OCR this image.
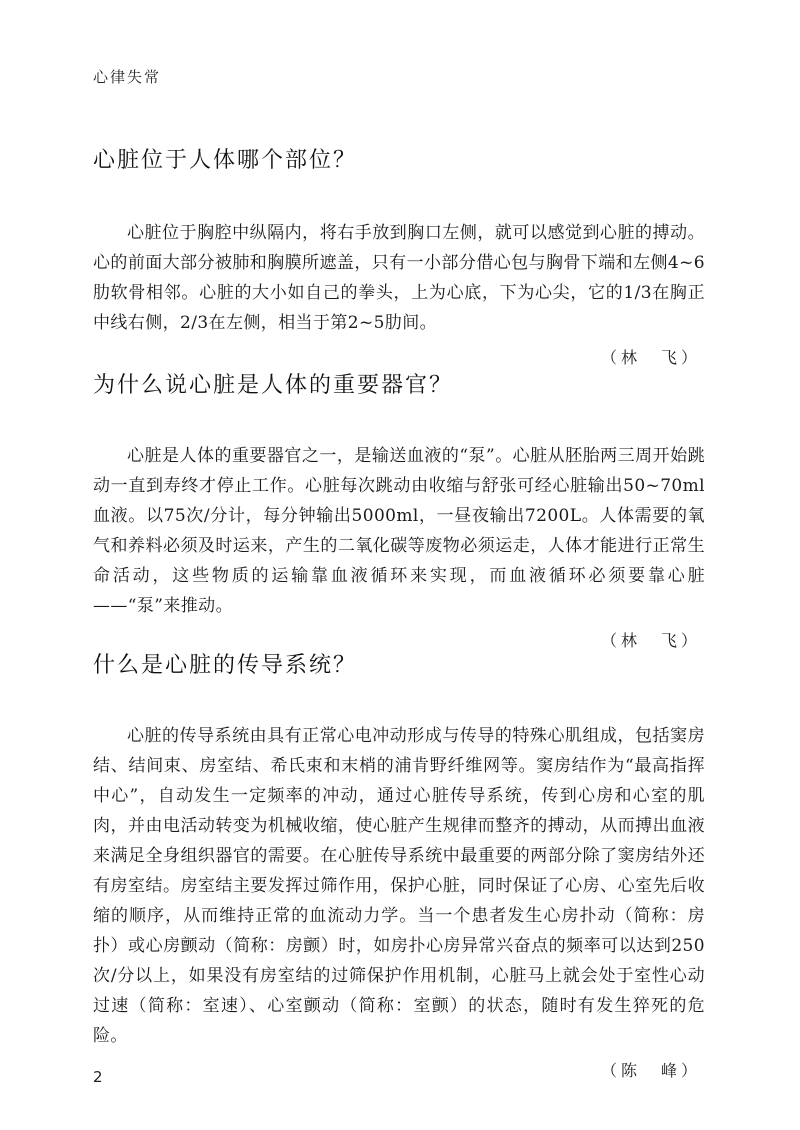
心律失常
心脏位于人体哪个部位？

心脏位于胸腔中纵隔内，将右手放到胸口左侧，就可以感觉到心脏的搏动。心的前面大部分被肺和胸膜所遮盖，只有一小部分借心包与胸骨下端和左侧4~6肋软骨相邻。心脏的大小如自己的拳头，上为心底，下为心尖，它的1/3在胸正中线右侧，2/3在左侧，相当于第2~5肋间。

（林　飞）

为什么说心脏是人体的重要器官？

心脏是人体的重要器官之一，是输送血液的“泵”。心脏从胚胎两三周开始跳动一直到寿终才停止工作。心脏每次跳动由收缩与舒张可经心脏输出50~70ml血液。以75次/分计，每分钟输出5000ml，一昼夜输出7200L。人体需要的氧气和养料必须及时运来，产生的二氧化碳等废物必须运走，人体才能进行正常生命活动，这些物质的运输靠血液循环来实现，而血液循环必须要靠心脏——“泵”来推动。

（林　飞）

什么是心脏的传导系统？

心脏的传导系统由具有正常心电冲动形成与传导的特殊心肌组成，包括窦房结、结间束、房室结、希氏束和末梢的浦肯野纤维网等。窦房结作为“最高指挥中心”，自动发生一定频率的冲动，通过心脏传导系统，传到心房和心室的肌肉，并由电活动转变为机械收缩，使心脏产生规律而整齐的搏动，从而搏出血液来满足全身组织器官的需要。在心脏传导系统中最重要的两部分除了窦房结外还有房室结。房室结主要发挥过筛作用，保护心脏，同时保证了心房、心室先后收缩的顺序，从而维持正常的血流动力学。当一个患者发生心房扑动（简称：房扑）或心房颤动（简称：房颤）时，如房扑心房异常兴奋点的频率可以达到250次/分以上，如果没有房室结的过筛保护作用机制，心脏马上就会处于室性心动过速（简称：室速）、心室颤动（简称：室颤）的状态，随时有发生猝死的危险。

（陈　峰）

2
